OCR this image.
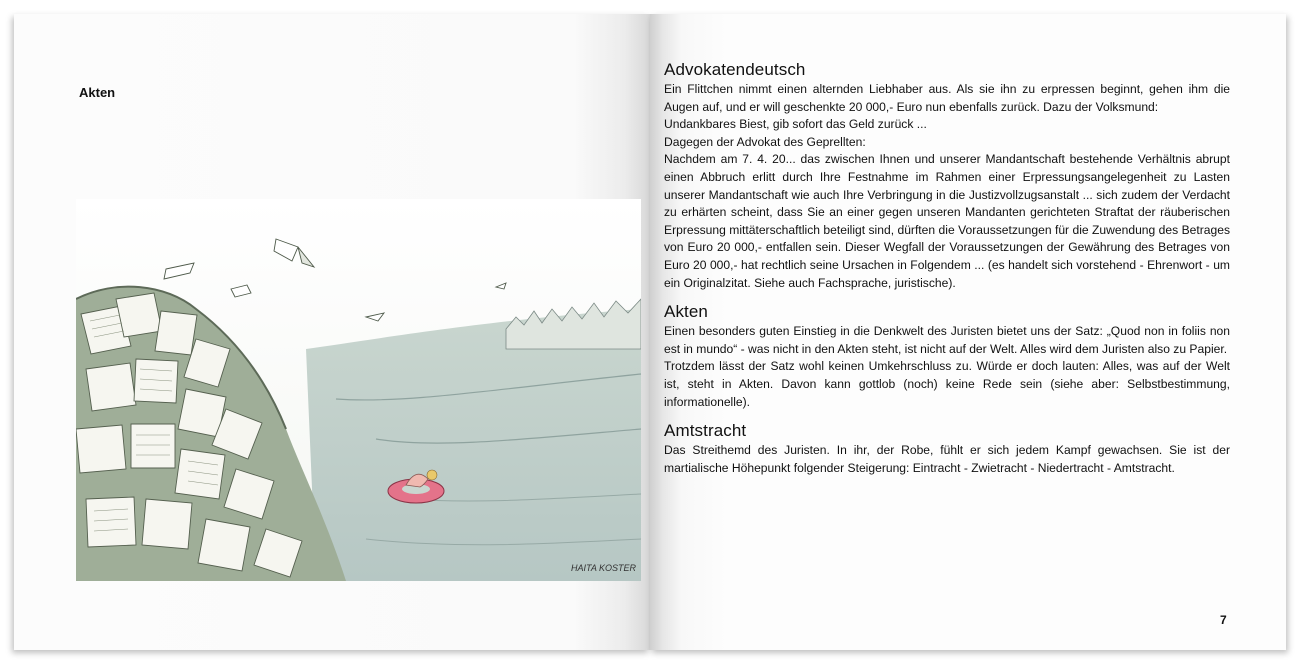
Akten
HAITA KOSTER
Advokatendeutsch

Ein Flittchen nimmt einen alternden Liebhaber aus. Als sie ihn zu erpressen beginnt, gehen ihm die Augen auf, und er will geschenkte 20 000,- Euro nun ebenfalls zurück. Dazu der Volksmund:

Undankbares Biest, gib sofort das Geld zurück ...

Dagegen der Advokat des Geprellten:

Nachdem am 7. 4. 20... das zwischen Ihnen und unserer Mandantschaft bestehende Verhältnis abrupt einen Abbruch erlitt durch Ihre Festnahme im Rahmen einer Erpressungsangelegenheit zu Lasten unserer Mandantschaft wie auch Ihre Verbringung in die Justizvollzugsanstalt ... sich zudem der Verdacht zu erhärten scheint, dass Sie an einer gegen unseren Mandanten gerichteten Straftat der räuberischen Erpressung mittäterschaftlich beteiligt sind, dürften die Voraussetzungen für die Zuwendung des Betrages von Euro 20 000,- entfallen sein. Dieser Wegfall der Voraussetzungen der Gewährung des Betrages von Euro 20 000,- hat rechtlich seine Ursachen in Folgendem ... (es handelt sich vorstehend - Ehrenwort - um ein Originalzitat. Siehe auch Fachsprache, juristische).

Akten

Einen besonders guten Einstieg in die Denkwelt des Juristen bietet uns der Satz: „Quod non in foliis non est in mundo“ - was nicht in den Akten steht, ist nicht auf der Welt. Alles wird dem Juristen also zu Papier.

Trotzdem lässt der Satz wohl keinen Umkehrschluss zu. Würde er doch lauten: Alles, was auf der Welt ist, steht in Akten. Davon kann gottlob (noch) keine Rede sein (siehe aber: Selbstbestimmung, informationelle).

Amtstracht

Das Streithemd des Juristen. In ihr, der Robe, fühlt er sich jedem Kampf gewachsen. Sie ist der martialische Höhepunkt folgender Steigerung: Eintracht - Zwietracht - Niedertracht - Amtstracht.

7
